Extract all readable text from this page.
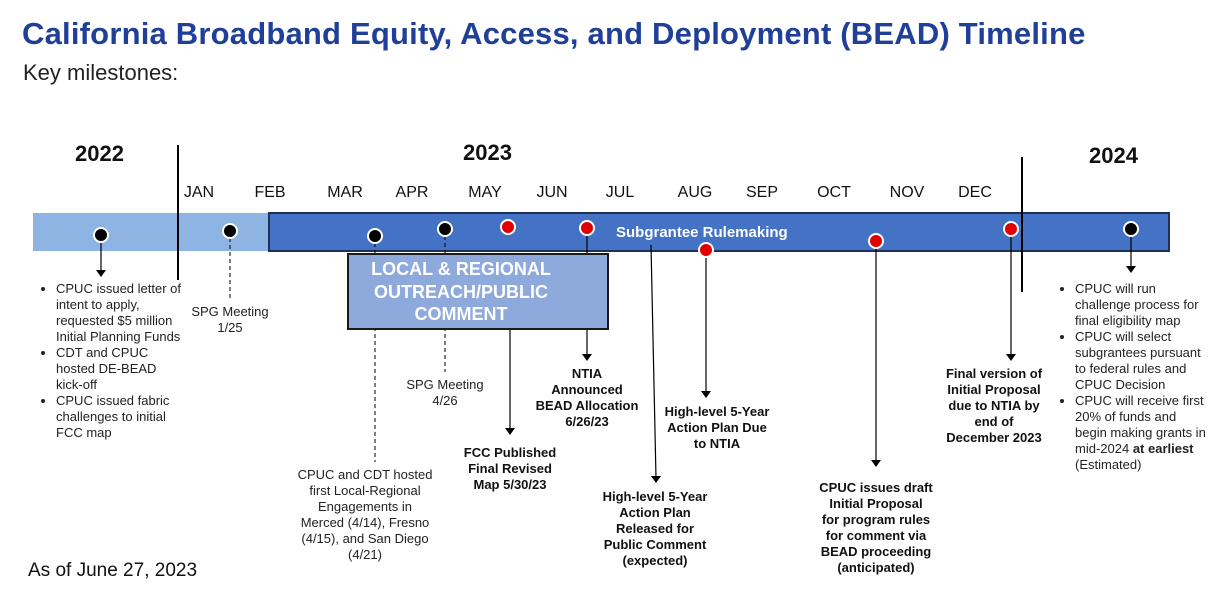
California Broadband Equity, Access, and Deployment (BEAD) Timeline
Key milestones:
2022	2023	2024
JAN	FEB	MAR	APR	MAY	JUN	JUL	AUG	SEP	OCT	NOV	DEC
Subgrantee Rulemaking
LOCAL & REGIONAL
OUTREACH/PUBLIC
COMMENT
• CPUC issued letter of intent to apply, requested $5 million Initial Planning Funds
• CDT and CPUC hosted DE-BEAD kick-off
• CPUC issued fabric challenges to initial FCC map
SPG Meeting
1/25
SPG Meeting
4/26
CPUC and CDT hosted
first Local-Regional
Engagements in
Merced (4/14), Fresno
(4/15), and San Diego
(4/21)
FCC Published
Final Revised
Map 5/30/23
NTIA
Announced
BEAD Allocation
6/26/23
High-level 5-Year
Action Plan
Released for
Public Comment
(expected)
High-level 5-Year
Action Plan Due
to NTIA
CPUC issues draft
Initial Proposal
for program rules
for comment via
BEAD proceeding
(anticipated)
Final version of
Initial Proposal
due to NTIA by
end of
December 2023
• CPUC will run challenge process for final eligibility map
• CPUC will select subgrantees pursuant to federal rules and CPUC Decision
• CPUC will receive first 20% of funds and begin making grants in mid-2024 at earliest (Estimated)
As of June 27, 2023
